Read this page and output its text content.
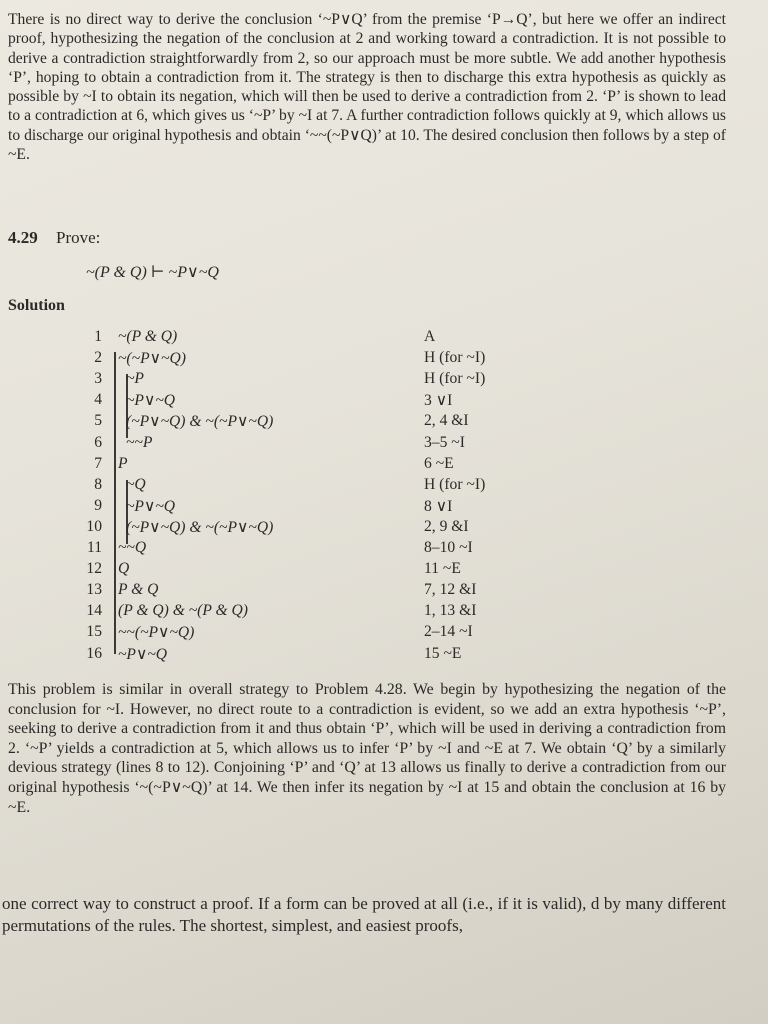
There is no direct way to derive the conclusion ‘~P∨Q’ from the premise ‘P→Q’, but here we offer an indirect proof, hypothesizing the negation of the conclusion at 2 and working toward a contradiction. It is not possible to derive a contradiction straightforwardly from 2, so our approach must be more subtle. We add another hypothesis ‘P’, hoping to obtain a contradiction from it. The strategy is then to discharge this extra hypothesis as quickly as possible by ~I to obtain its negation, which will then be used to derive a contradiction from 2. ‘P’ is shown to lead to a contradiction at 6, which gives us ‘~P’ by ~I at 7. A further contradiction follows quickly at 9, which allows us to discharge our original hypothesis and obtain ‘~~(~P∨Q)’ at 10. The desired conclusion then follows by a step of ~E.

4.29 Prove:
~(P & Q) ⊢ ~P∨~Q
Solution
1 ~(P & Q)	A
2 ~(~P∨~Q)	H (for ~I)
3 ~P	H (for ~I)
4 ~P∨~Q	3 ∨I
5 (~P∨~Q) & ~(~P∨~Q)	2, 4 &I
6 ~~P	3–5 ~I
7 P	6 ~E
8 ~Q	H (for ~I)
9 ~P∨~Q	8 ∨I
10 (~P∨~Q) & ~(~P∨~Q)	2, 9 &I
11 ~~Q	8–10 ~I
12 Q	11 ~E
13 P & Q	7, 12 &I
14 (P & Q) & ~(P & Q)	1, 13 &I
15 ~~(~P∨~Q)	2–14 ~I
16 ~P∨~Q	15 ~E

This problem is similar in overall strategy to Problem 4.28. We begin by hypothesizing the negation of the conclusion for ~I. However, no direct route to a contradiction is evident, so we add an extra hypothesis ‘~P’, seeking to derive a contradiction from it and thus obtain ‘P’, which will be used in deriving a contradiction from 2. ‘~P’ yields a contradiction at 5, which allows us to infer ‘P’ by ~I and ~E at 7. We obtain ‘Q’ by a similarly devious strategy (lines 8 to 12). Conjoining ‘P’ and ‘Q’ at 13 allows us finally to derive a contradiction from our original hypothesis ‘~(~P∨~Q)’ at 14. We then infer its negation by ~I at 15 and obtain the conclusion at 16 by ~E.

one correct way to construct a proof. If a form can be proved at all (i.e., if it is valid), d by many different permutations of the rules. The shortest, simplest, and easiest proofs,
